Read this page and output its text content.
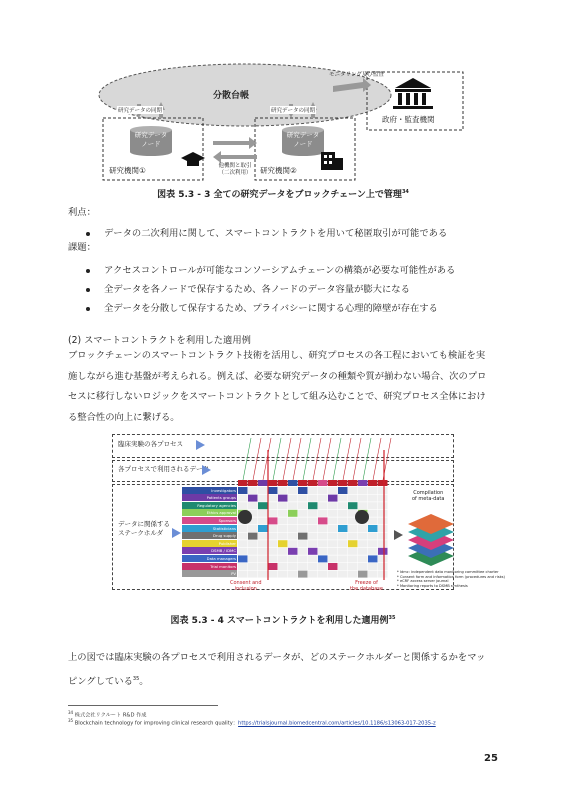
分散台帳
研究データの同期	研究データの同期
研究データ
ノード
研究データ
ノード
研究機関①	研究機関②
他機関と取引
（二次利用）
モニタリング及び監査
政府・監査機関
図表 5.3 - 3 全ての研究データをブロックチェーン上で管理$^{34}$
利点：
データの二次利用に関して、スマートコントラクトを用いて秘匿取引が可能である
課題：
アクセスコントロールが可能なコンソーシアムチェーンの構築が必要な可能性がある
全データを各ノードで保存するため、各ノードのデータ容量が膨大になる
全データを分散して保存するため、プライバシーに関する心理的障壁が存在する
(2) スマートコントラクトを利用した適用例
ブロックチェーンのスマートコントラクト技術を活用し、研究プロセスの各工程においても検証を実
施しながら進む基盤が考えられる。例えば、必要な研究データの種類や質が揃わない場合、次のプロ
セスに移行しないロジックをスマートコントラクトとして組み込むことで、研究プロセス全体におけ
る整合性の向上に繋げる。
臨床実験の各プロセス
各プロセスで利用されるデータ
データに関係する
ステークホルダ
Investigators
Patients groups
Regulatory agencies
Ethics approval
Sponsors
Statisticians
Drug supply
Publisher
DSMB / IDMC
Data managers
Trial monitors
PV
Consent and
inclusion
Freeze of
the database
Compilation
of meta-data
* Idmc: independent data monitoring committee charter
* Consent form and information form (procedures and risks)
* eCRF access server journal
* Monitoring reports to DSMB synthesis
図表 5.3 - 4 スマートコントラクトを利用した適用例$^{35}$
上の図では臨床実験の各プロセスで利用されるデータが、どのステークホルダーと関係するかをマッ
ピングしている$^{35}$。
$^{34}$ 株式会社リクルート R&D 作成
$^{35}$ Blockchain technology for improving clinical research quality：https://trialsjournal.biomedcentral.com/articles/10.1186/s13063-017-2035-z
25
